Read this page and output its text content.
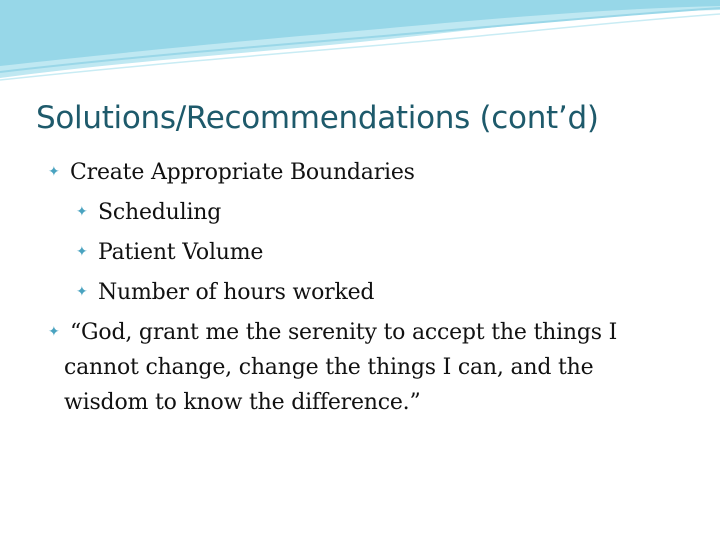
Solutions/Recommendations (cont’d)
✦ Create Appropriate Boundaries
✦ Scheduling
✦ Patient Volume
✦ Number of hours worked
✦ “God, grant me the serenity to accept the things I
cannot change, change the things I can, and the
wisdom to know the difference.”
